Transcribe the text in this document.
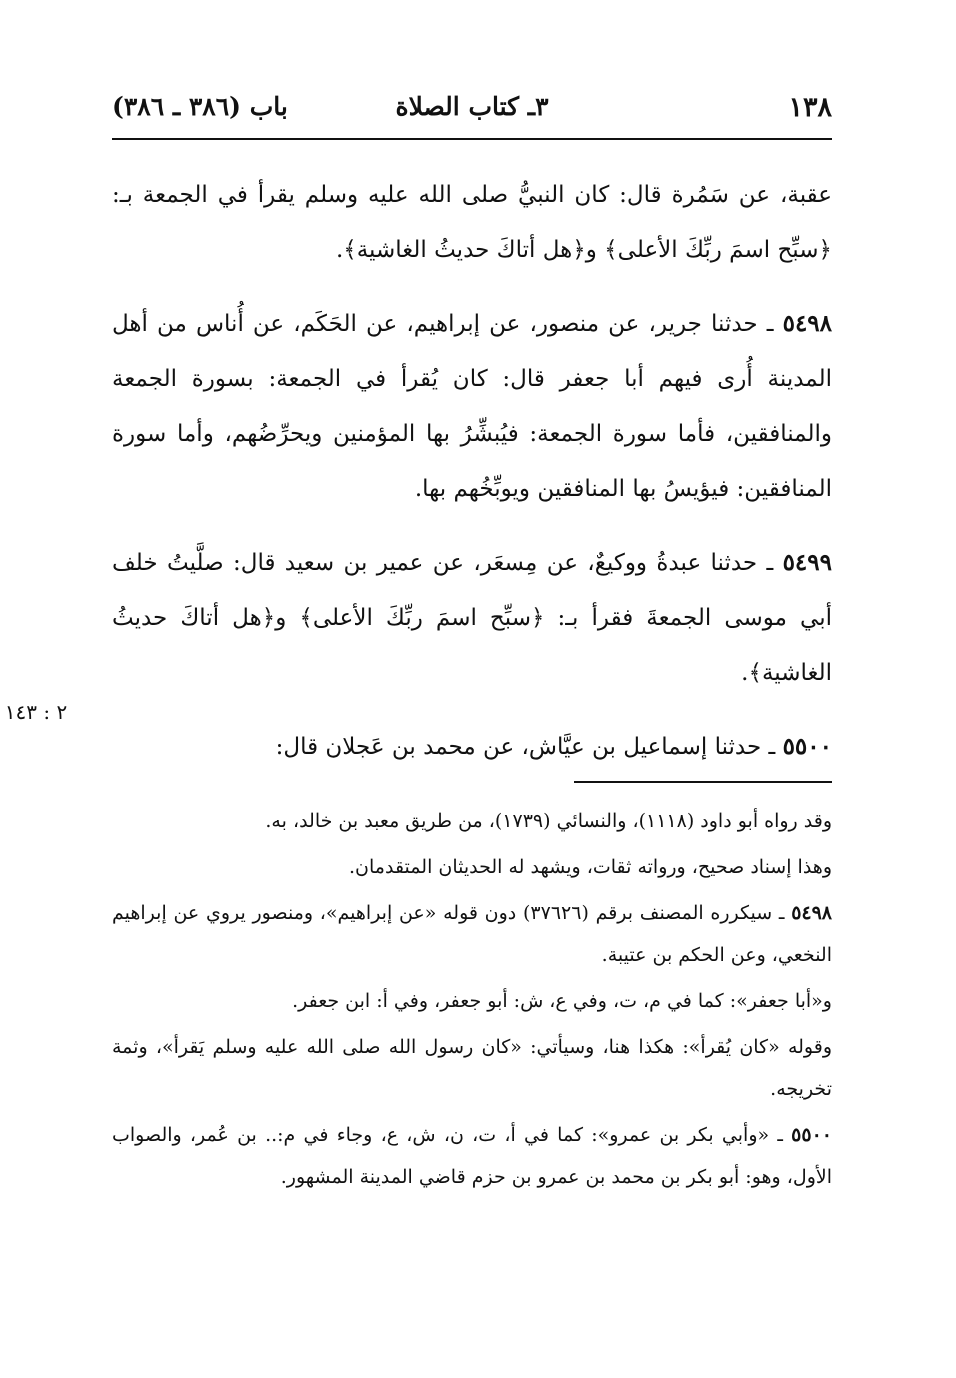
١٣٨
٣ـ كتاب الصلاة
باب (٣٨٦ ـ ٣٨٦)

عقبة، عن سَمُرة قال: كان النبيُّ صلى الله عليه وسلم يقرأ في الجمعة بـ: ﴿سبِّح اسمَ ربِّكَ الأعلى﴾ و﴿هل أتاكَ حديثُ الغاشية﴾.

٥٤٩٨ ـ حدثنا جرير، عن منصور، عن إبراهيم، عن الحَكَم، عن أُناس من أهل المدينة أُرى فيهم أبا جعفر قال: كان يُقرأ في الجمعة: بسورة الجمعة والمنافقين، فأما سورة الجمعة: فيُبشِّرُ بها المؤمنين ويحرِّضُهم، وأما سورة المنافقين: فيؤيسُ بها المنافقين ويوبِّخُهم بها.

٥٤٩٩ ـ حدثنا عبدةُ ووكيعٌ، عن مِسعَر، عن عمير بن سعيد قال: صلَّيتُ خلف أبي موسى الجمعةَ فقرأ بـ: ﴿سبِّح اسمَ ربِّكَ الأعلى﴾ و﴿هل أتاكَ حديثُ الغاشية﴾.

٥٥٠٠ ـ حدثنا إسماعيل بن عيَّاش، عن محمد بن عَجلان قال:

٢ : ١٤٣

وقد رواه أبو داود (١١١٨)، والنسائي (١٧٣٩)، من طريق معبد بن خالد، به.

وهذا إسناد صحيح، ورواته ثقات، ويشهد له الحديثان المتقدمان.

٥٤٩٨ ـ سيكرره المصنف برقم (٣٧٦٢٦) دون قوله «عن إبراهيم»، ومنصور يروي عن إبراهيم النخعي، وعن الحكم بن عتيبة.

و«أبا جعفر»: كما في م، ت، وفي ع، ش: أبو جعفر، وفي أ: ابن جعفر.

وقوله «كان يُقرأ»: هكذا هنا، وسيأتي: «كان رسول الله صلى الله عليه وسلم يَقرأ»، وثمة تخريجه.

٥٥٠٠ ـ «وأبي بكر بن عمرو»: كما في أ، ت، ن، ش، ع، وجاء في م:.. بن عُمر، والصواب الأول، وهو: أبو بكر بن محمد بن عمرو بن حزم قاضي المدينة المشهور.
